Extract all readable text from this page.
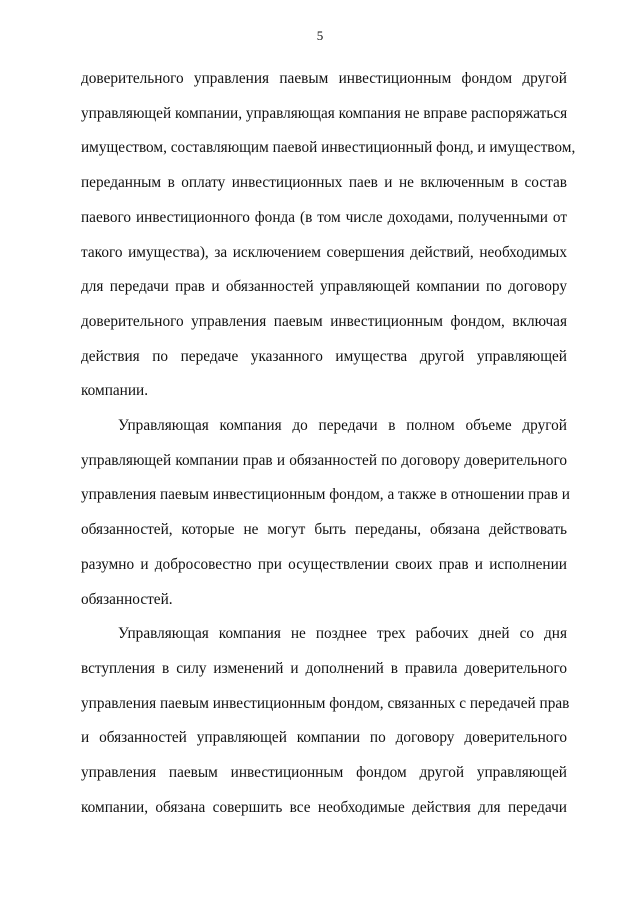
5

доверительного управления паевым инвестиционным фондом другой
управляющей компании, управляющая компания не вправе распоряжаться
имуществом, составляющим паевой инвестиционный фонд, и имуществом,
переданным в оплату инвестиционных паев и не включенным в состав
паевого инвестиционного фонда (в том числе доходами, полученными от
такого имущества), за исключением совершения действий, необходимых
для передачи прав и обязанностей управляющей компании по договору
доверительного управления паевым инвестиционным фондом, включая
действия по передаче указанного имущества другой управляющей
компании.

Управляющая компания до передачи в полном объеме другой
управляющей компании прав и обязанностей по договору доверительного
управления паевым инвестиционным фондом, а также в отношении прав и
обязанностей, которые не могут быть переданы, обязана действовать
разумно и добросовестно при осуществлении своих прав и исполнении
обязанностей.

Управляющая компания не позднее трех рабочих дней со дня
вступления в силу изменений и дополнений в правила доверительного
управления паевым инвестиционным фондом, связанных с передачей прав
и обязанностей управляющей компании по договору доверительного
управления паевым инвестиционным фондом другой управляющей
компании, обязана совершить все необходимые действия для передачи
